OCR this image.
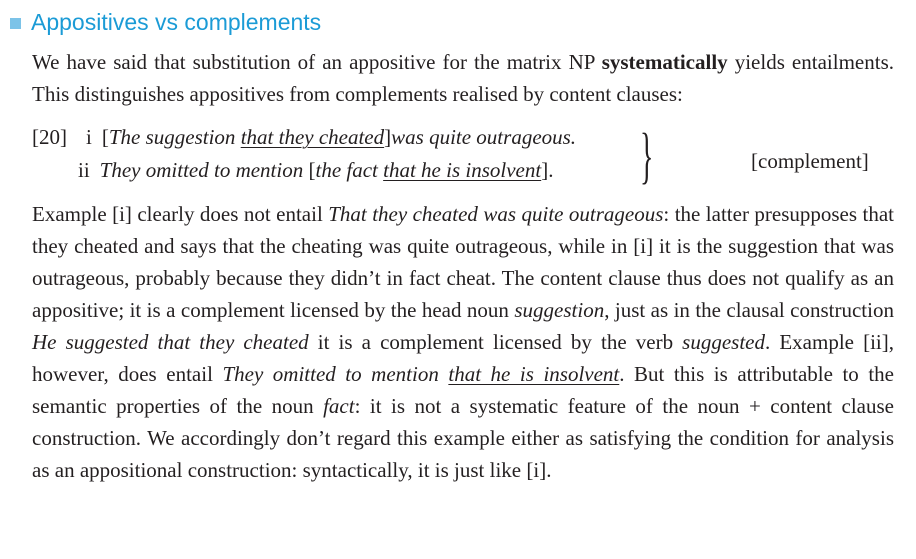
Appositives vs complements

We have said that substitution of an appositive for the matrix NP systematically yields entailments. This distinguishes appositives from complements realised by content clauses:

[20] i [The suggestion that they cheated]was quite outrageous.
ii They omitted to mention [the fact that he is insolvent]. }	[complement]

Example [i] clearly does not entail That they cheated was quite outrageous: the latter presupposes that they cheated and says that the cheating was quite outrageous, while in [i] it is the suggestion that was outrageous, probably because they didn’t in fact cheat. The content clause thus does not qualify as an appositive; it is a complement licensed by the head noun suggestion, just as in the clausal construction He suggested that they cheated it is a complement licensed by the verb suggested. Example [ii], however, does entail They omitted to mention that he is insolvent. But this is attributable to the semantic properties of the noun fact: it is not a systematic feature of the noun + content clause construction. We accordingly don’t regard this example either as satisfying the condition for analysis as an appositional construction: syntactically, it is just like [i].
